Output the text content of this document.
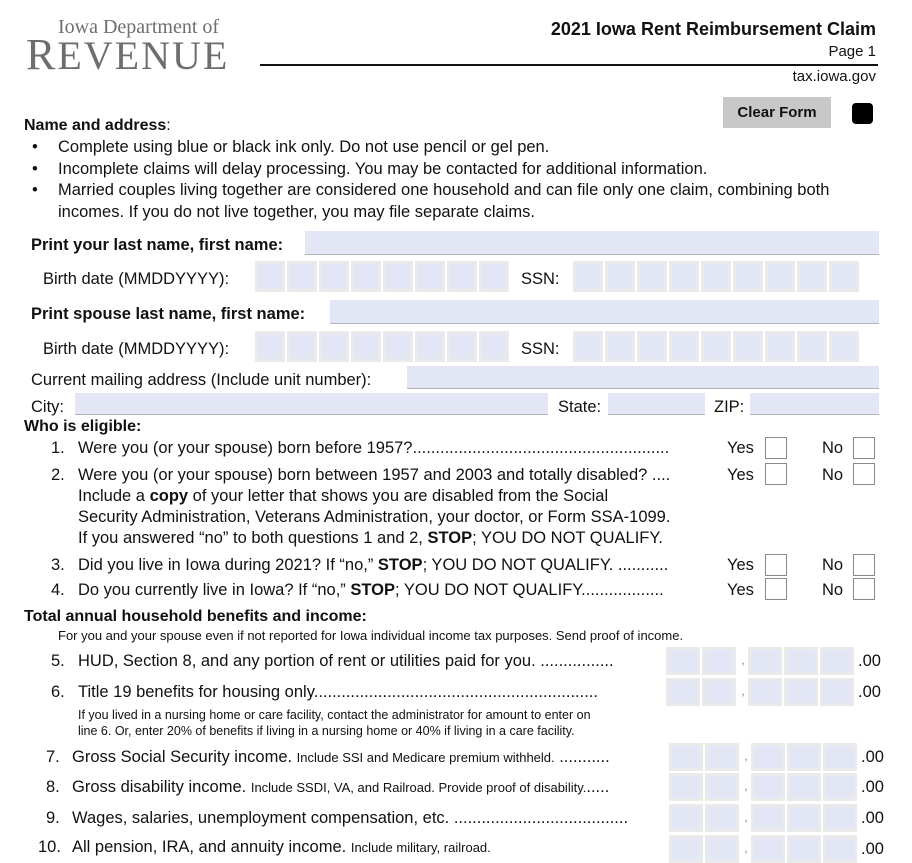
Iowa Department of
REVENUE
2021 Iowa Rent Reimbursement Claim
Page 1
tax.iowa.gov
Clear Form
Name and address:
• Complete using blue or black ink only. Do not use pencil or gel pen.
• Incomplete claims will delay processing. You may be contacted for additional information.
• Married couples living together are considered one household and can file only one claim, combining both incomes. If you do not live together, you may file separate claims.
Print your last name, first name:
Birth date (MMDDYYYY):	SSN:
Print spouse last name, first name:
Birth date (MMDDYYYY):	SSN:
Current mailing address (Include unit number):
City:	State:	ZIP:
Who is eligible:
1. Were you (or your spouse) born before 1957?........................................................	Yes	No
2. Were you (or your spouse) born between 1957 and 2003 and totally disabled? ....	Yes	No
Include a copy of your letter that shows you are disabled from the Social
Security Administration, Veterans Administration, your doctor, or Form SSA-1099.
If you answered “no” to both questions 1 and 2, STOP; YOU DO NOT QUALIFY.
3. Did you live in Iowa during 2021? If “no,” STOP; YOU DO NOT QUALIFY. ...........	Yes	No
4. Do you currently live in Iowa? If “no,” STOP; YOU DO NOT QUALIFY..................	Yes	No
Total annual household benefits and income:
For you and your spouse even if not reported for Iowa individual income tax purposes. Send proof of income.
5. HUD, Section 8, and any portion of rent or utilities paid for you. ................	,	.00
6. Title 19 benefits for housing only..............................................................	,	.00
If you lived in a nursing home or care facility, contact the administrator for amount to enter on
line 6. Or, enter 20% of benefits if living in a nursing home or 40% if living in a care facility.
7. Gross Social Security income. Include SSI and Medicare premium withheld. ...........	,	.00
8. Gross disability income. Include SSDI, VA, and Railroad. Provide proof of disability......	,	.00
9. Wages, salaries, unemployment compensation, etc. ......................................	,	.00
10. All pension, IRA, and annuity income. Include military, railroad.	,	.00
